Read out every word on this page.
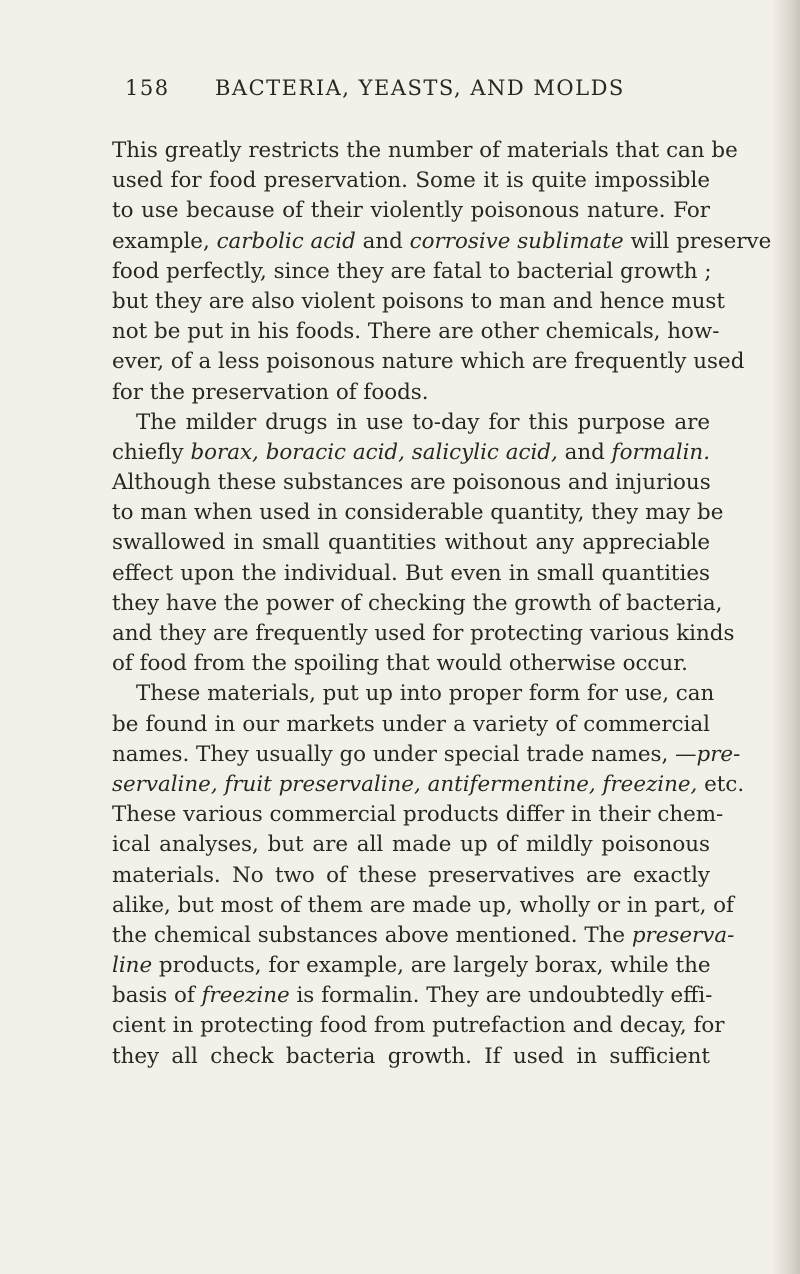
158	BACTERIA, YEASTS, AND MOLDS
This greatly restricts the number of materials that can be
used for food preservation. Some it is quite impossible
to use because of their violently poisonous nature. For
example, carbolic acid and corrosive sublimate will preserve
food perfectly, since they are fatal to bacterial growth ;
but they are also violent poisons to man and hence must
not be put in his foods. There are other chemicals, how-
ever, of a less poisonous nature which are frequently used
for the preservation of foods.
The milder drugs in use to-day for this purpose are
chiefly borax, boracic acid, salicylic acid, and formalin.
Although these substances are poisonous and injurious
to man when used in considerable quantity, they may be
swallowed in small quantities without any appreciable
effect upon the individual. But even in small quantities
they have the power of checking the growth of bacteria,
and they are frequently used for protecting various kinds
of food from the spoiling that would otherwise occur.
These materials, put up into proper form for use, can
be found in our markets under a variety of commercial
names. They usually go under special trade names, —pre-
servaline, fruit preservaline, antifermentine, freezine, etc.
These various commercial products differ in their chem-
ical analyses, but are all made up of mildly poisonous
materials. No two of these preservatives are exactly
alike, but most of them are made up, wholly or in part, of
the chemical substances above mentioned. The preserva-
line products, for example, are largely borax, while the
basis of freezine is formalin. They are undoubtedly effi-
cient in protecting food from putrefaction and decay, for
they all check bacteria growth. If used in sufficient
